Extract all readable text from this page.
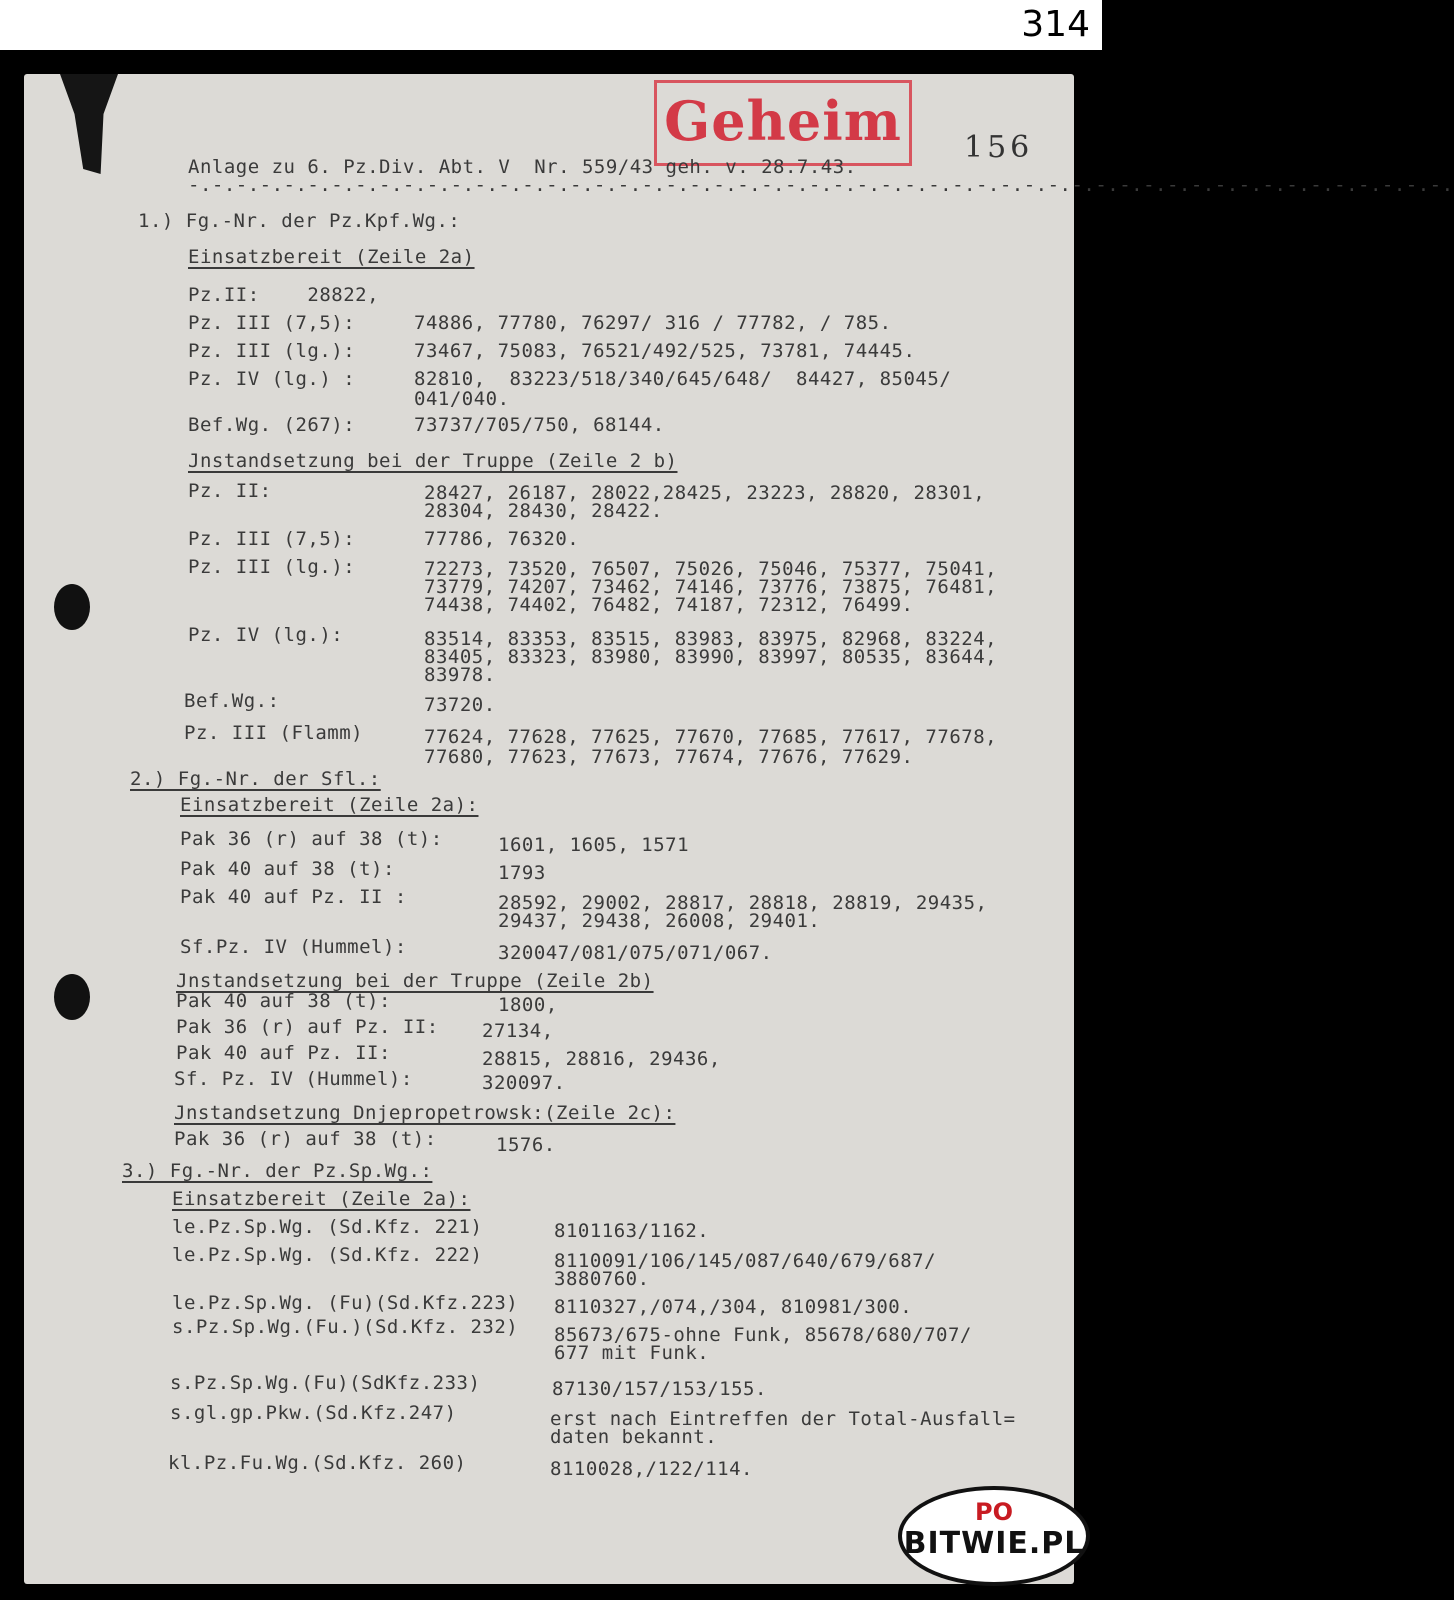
314
Geheim	156
Anlage zu 6. Pz.Div. Abt. V  Nr. 559/43 geh. v. 28.7.43.
-.-.-.-.-.-.-.-.-.-.-.-.-.-.-.-.-.-.-.-.-.-.-.-.-.-.-.-.-.-.-.-.-.-.-.-.-.-.-.-.-.-.-.-.-.-.-.-.-.-.-.-.-.
1.) Fg.-Nr. der Pz.Kpf.Wg.:
Einsatzbereit (Zeile 2a)
Pz.II:    28822,
Pz. III (7,5):	74886, 77780, 76297/ 316 / 77782, / 785.
Pz. III (lg.):	73467, 75083, 76521/492/525, 73781, 74445.
Pz. IV (lg.) :	82810,  83223/518/340/645/648/  84427, 85045/
041/040.
Bef.Wg. (267):	73737/705/750, 68144.
Jnstandsetzung bei der Truppe (Zeile 2 b)
Pz. II:	28427, 26187, 28022,28425, 23223, 28820, 28301,
28304, 28430, 28422.
Pz. III (7,5):	77786, 76320.
Pz. III (lg.):	72273, 73520, 76507, 75026, 75046, 75377, 75041,
73779, 74207, 73462, 74146, 73776, 73875, 76481,
74438, 74402, 76482, 74187, 72312, 76499.
Pz. IV (lg.):	83514, 83353, 83515, 83983, 83975, 82968, 83224,
83405, 83323, 83980, 83990, 83997, 80535, 83644,
83978.
Bef.Wg.:	73720.
Pz. III (Flamm)	77624, 77628, 77625, 77670, 77685, 77617, 77678,
77680, 77623, 77673, 77674, 77676, 77629.
2.) Fg.-Nr. der Sfl.:
Einsatzbereit (Zeile 2a):
Pak 36 (r) auf 38 (t):	1601, 1605, 1571
Pak 40 auf 38 (t):	1793
Pak 40 auf Pz. II :	28592, 29002, 28817, 28818, 28819, 29435,
29437, 29438, 26008, 29401.
Sf.Pz. IV (Hummel):	320047/081/075/071/067.
Jnstandsetzung bei der Truppe (Zeile 2b)
Pak 40 auf 38 (t):	1800,
Pak 36 (r) auf Pz. II: 27134,
Pak 40 auf Pz. II:	28815, 28816, 29436,
Sf. Pz. IV (Hummel):	320097.
Jnstandsetzung Dnjepropetrowsk:(Zeile 2c):
Pak 36 (r) auf 38 (t):	1576.
3.) Fg.-Nr. der Pz.Sp.Wg.:
Einsatzbereit (Zeile 2a):
le.Pz.Sp.Wg. (Sd.Kfz. 221)	8101163/1162.
le.Pz.Sp.Wg. (Sd.Kfz. 222)	8110091/106/145/087/640/679/687/
3880760.
le.Pz.Sp.Wg. (Fu)(Sd.Kfz.223) 8110327,/074,/304, 810981/300.
s.Pz.Sp.Wg.(Fu.)(Sd.Kfz. 232) 85673/675-ohne Funk, 85678/680/707/
677 mit Funk.
s.Pz.Sp.Wg.(Fu)(SdKfz.233)	87130/157/153/155.
s.gl.gp.Pkw.(Sd.Kfz.247)	erst nach Eintreffen der Total-Ausfall=
daten bekannt.
kl.Pz.Fu.Wg.(Sd.Kfz. 260)	8110028,/122/114.
PO
BITWIE.PL
